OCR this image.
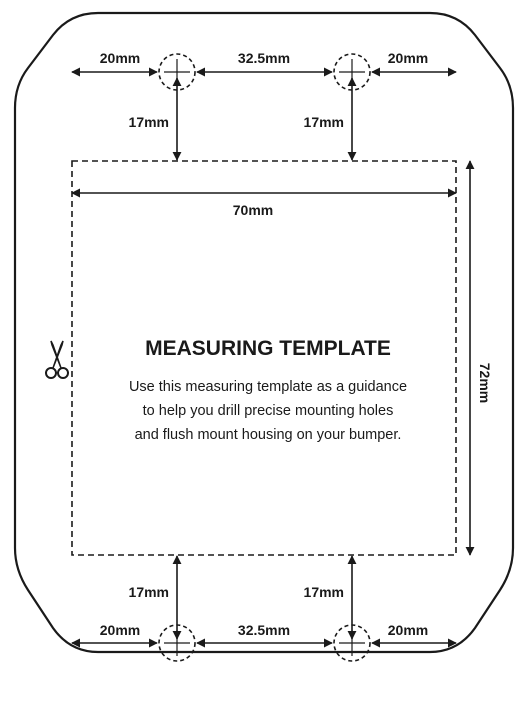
20mm	32.5mm	20mm
17mm	17mm
70mm
72mm
MEASURING TEMPLATE
Use this measuring template as a guidance
to help you drill precise mounting holes
and flush mount housing on your bumper.
17mm	17mm
20mm	32.5mm	20mm
